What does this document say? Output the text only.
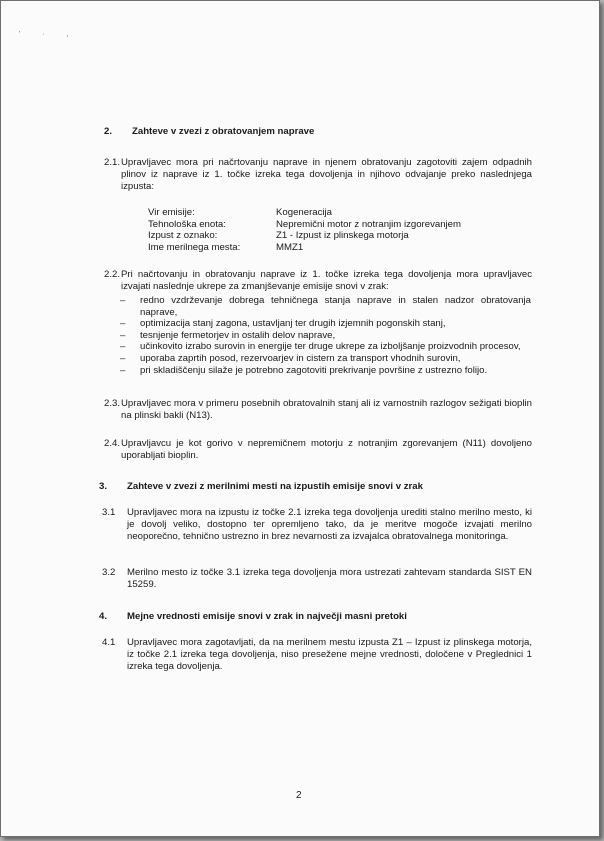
' · ,
2. Zahteve v zvezi z obratovanjem naprave
2.1. Upravljavec mora pri načrtovanju naprave in njenem obratovanju zagotoviti zajem odpadnih plinov iz naprave iz 1. točke izreka tega dovoljenja in njihovo odvajanje preko naslednjega izpusta:
Vir emisije:	Kogeneracija
Tehnološka enota:	Nepremični motor z notranjim izgorevanjem
Izpust z oznako:	Z1 - Izpust iz plinskega motorja
Ime merilnega mesta:	MMZ1
2.2. Pri načrtovanju in obratovanju naprave iz 1. točke izreka tega dovoljenja mora upravljavec izvajati naslednje ukrepe za zmanjševanje emisije snovi v zrak:
– redno vzdrževanje dobrega tehničnega stanja naprave in stalen nadzor obratovanja naprave,
– optimizacija stanj zagona, ustavljanj ter drugih izjemnih pogonskih stanj,
– tesnjenje fermetorjev in ostalih delov naprave,
– učinkovito izrabo surovin in energije ter druge ukrepe za izboljšanje proizvodnih procesov,
– uporaba zaprtih posod, rezervoarjev in cistern za transport vhodnih surovin,
– pri skladiščenju silaže je potrebno zagotoviti prekrivanje površine z ustrezno folijo.
2.3. Upravljavec mora v primeru posebnih obratovalnih stanj ali iz varnostnih razlogov sežigati bioplin na plinski bakli (N13).
2.4. Upravljavcu je kot gorivo v nepremičnem motorju z notranjim zgorevanjem (N11) dovoljeno uporabljati bioplin.
3. Zahteve v zvezi z merilnimi mesti na izpustih emisije snovi v zrak
3.1 Upravljavec mora na izpustu iz točke 2.1 izreka tega dovoljenja urediti stalno merilno mesto, ki je dovolj veliko, dostopno ter opremljeno tako, da je meritve mogoče izvajati merilno neoporečno, tehnično ustrezno in brez nevarnosti za izvajalca obratovalnega monitoringa.
3.2 Merilno mesto iz točke 3.1 izreka tega dovoljenja mora ustrezati zahtevam standarda SIST EN 15259.
4. Mejne vrednosti emisije snovi v zrak in največji masni pretoki
4.1 Upravljavec mora zagotavljati, da na merilnem mestu izpusta Z1 – Izpust iz plinskega motorja, iz točke 2.1 izreka tega dovoljenja, niso presežene mejne vrednosti, določene v Preglednici 1 izreka tega dovoljenja.
2
